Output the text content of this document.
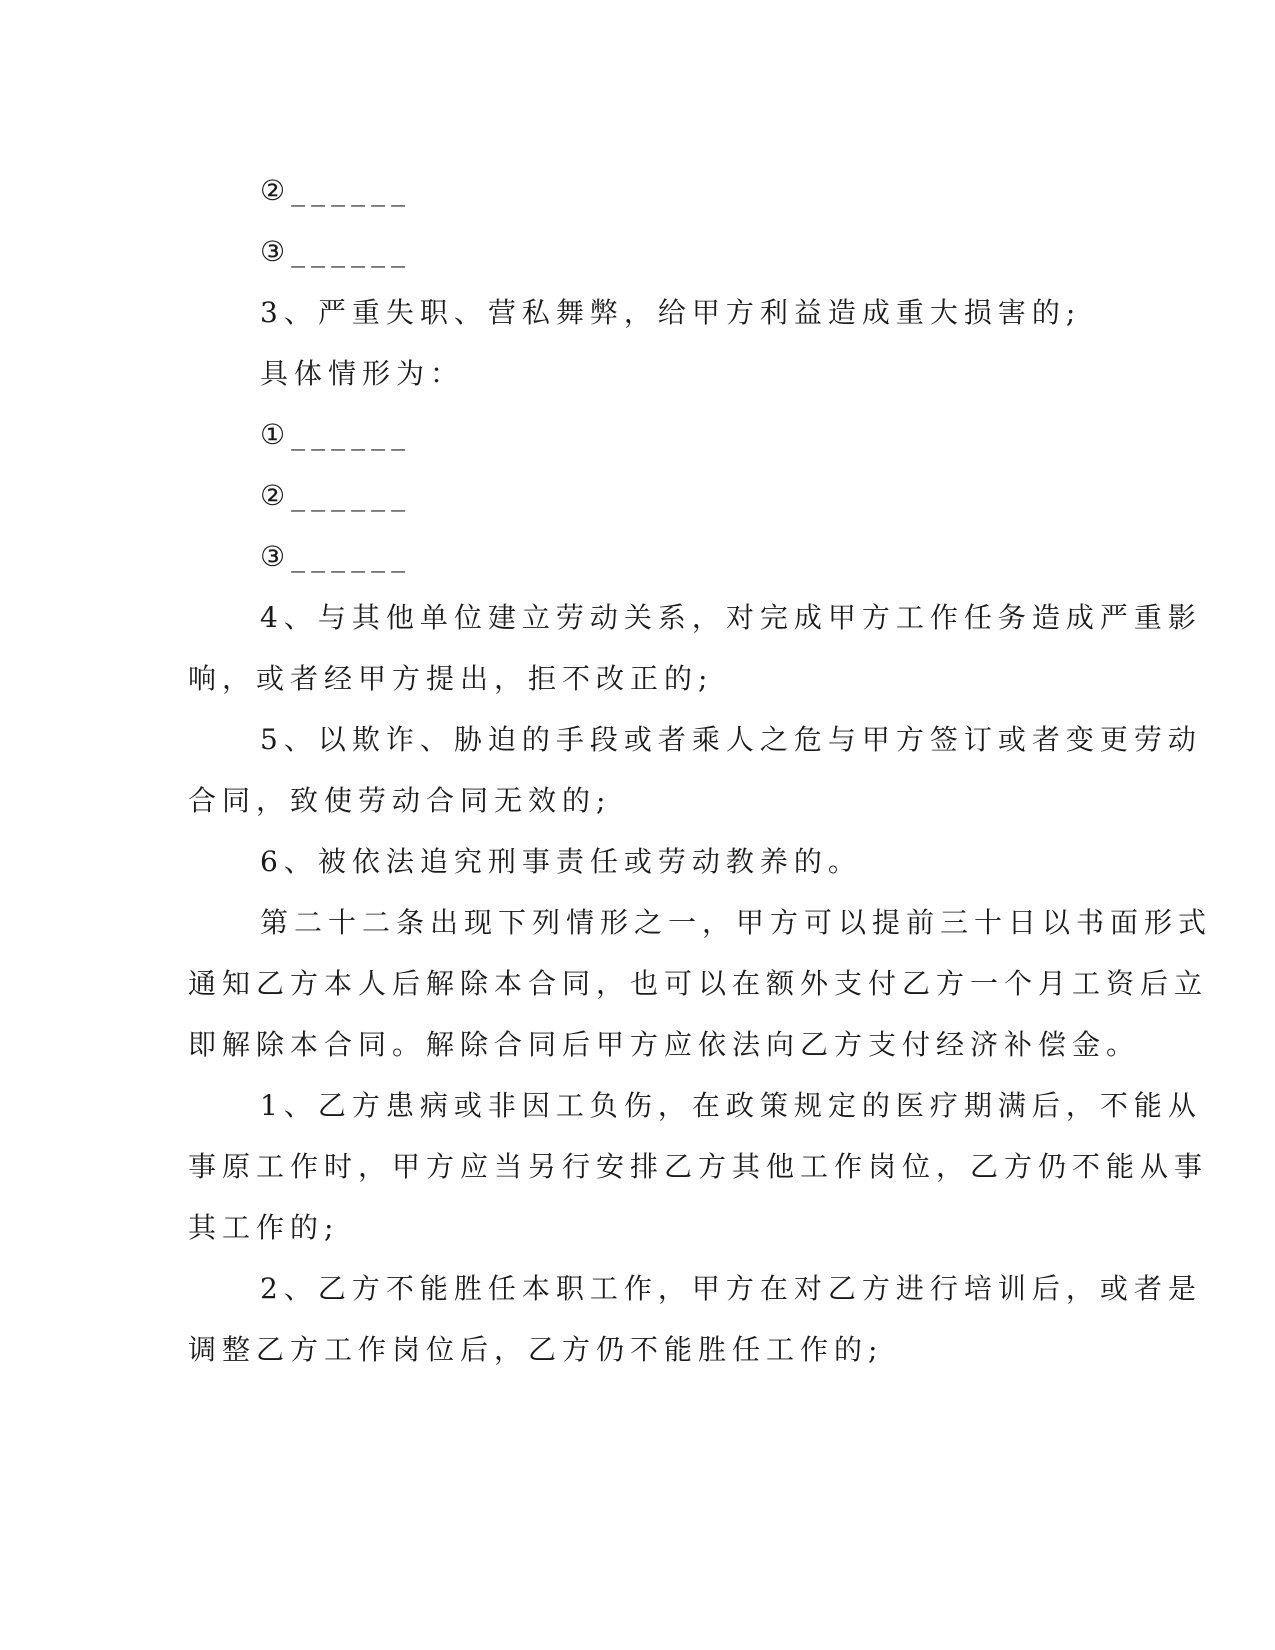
②______
③______
3、严重失职、营私舞弊，给甲方利益造成重大损害的;
具体情形为：
①______
②______
③______
4、与其他单位建立劳动关系，对完成甲方工作任务造成严重影
响，或者经甲方提出，拒不改正的;
5、以欺诈、胁迫的手段或者乘人之危与甲方签订或者变更劳动
合同，致使劳动合同无效的;
6、被依法追究刑事责任或劳动教养的。
第二十二条出现下列情形之一，甲方可以提前三十日以书面形式
通知乙方本人后解除本合同，也可以在额外支付乙方一个月工资后立
即解除本合同。解除合同后甲方应依法向乙方支付经济补偿金。
1、乙方患病或非因工负伤，在政策规定的医疗期满后，不能从
事原工作时，甲方应当另行安排乙方其他工作岗位，乙方仍不能从事
其工作的;
2、乙方不能胜任本职工作，甲方在对乙方进行培训后，或者是
调整乙方工作岗位后，乙方仍不能胜任工作的;
